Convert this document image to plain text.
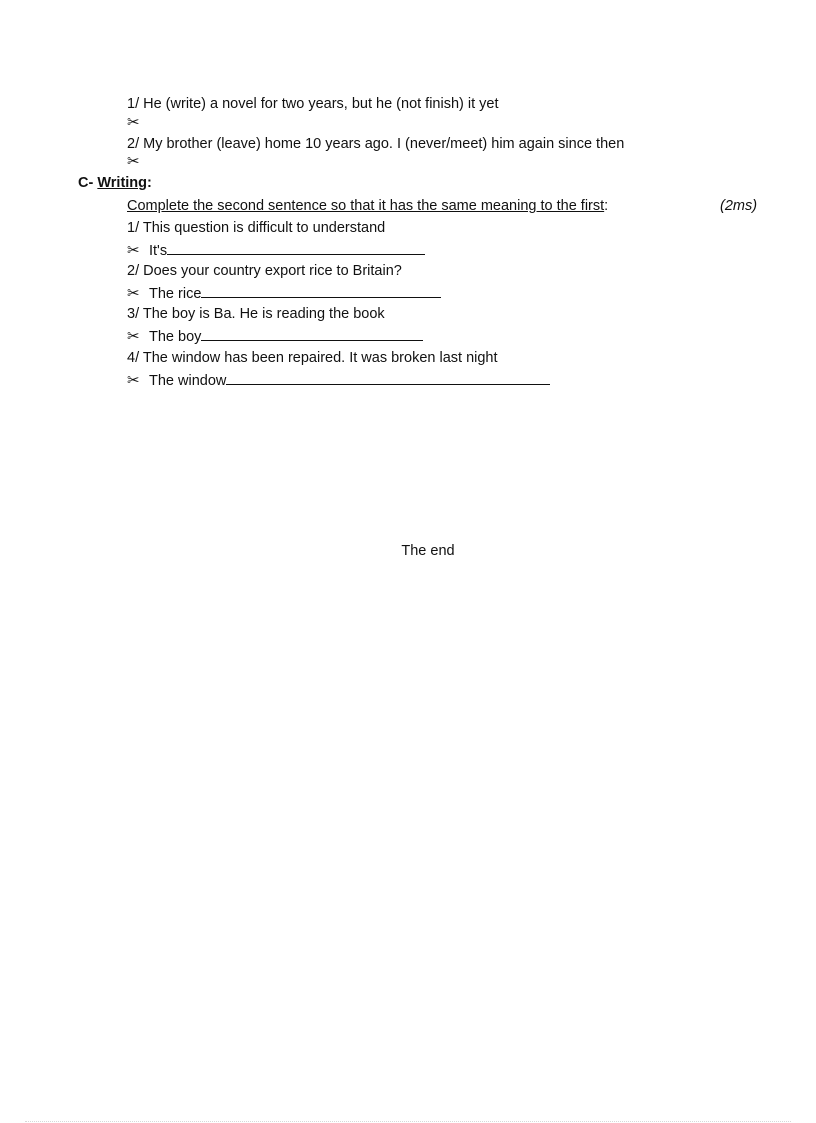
1/ He (write) a novel for two years, but he (not finish) it yet
✂
2/ My brother (leave) home 10 years ago. I (never/meet) him again since then
✂
C- Writing:
Complete the second sentence so that it has the same meaning to the first:	(2ms)
1/ This question is difficult to understand
✂ It's
2/ Does your country export rice to Britain?
✂ The rice
3/ The boy is Ba. He is reading the book
✂ The boy
4/ The window has been repaired. It was broken last night
✂ The window
The end
